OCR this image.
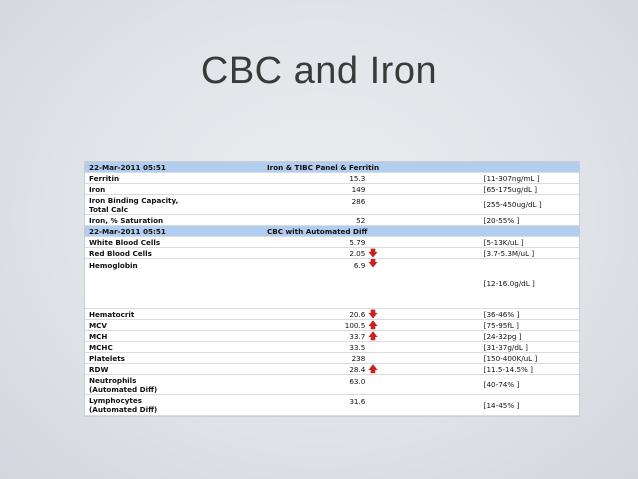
CBC and Iron
22-Mar-2011 05:51	Iron & TIBC Panel & Ferritin		
Ferritin	15.3		[11-307ng/mL ]
Iron	149		[65-175ug/dL ]

Iron Binding Capacity,
Total Calc	286		[255-450ug/dL ]
Iron, % Saturation	52		[20-55% ]
22-Mar-2011 05:51	CBC with Automated Diff		
White Blood Cells	5.79		[5-13K/uL ]
Red Blood Cells	2.05	🡇	[3.7-5.3M/uL ]
Hemoglobin	6.9	🡇	[12-16.0g/dL ]
Hematocrit	20.6	🡇	[36-46% ]
MCV	100.5	🡅	[75-95fL ]
MCH	33.7	🡅	[24-32pg ]
MCHC	33.5		[31-37g/dL ]
Platelets	238		[150-400K/uL ]
RDW	28.4	🡅	[11.5-14.5% ]

Neutrophils
(Automated Diff)	63.0		[40-74% ]

Lymphocytes
(Automated Diff)	31.6		[14-45% ]
